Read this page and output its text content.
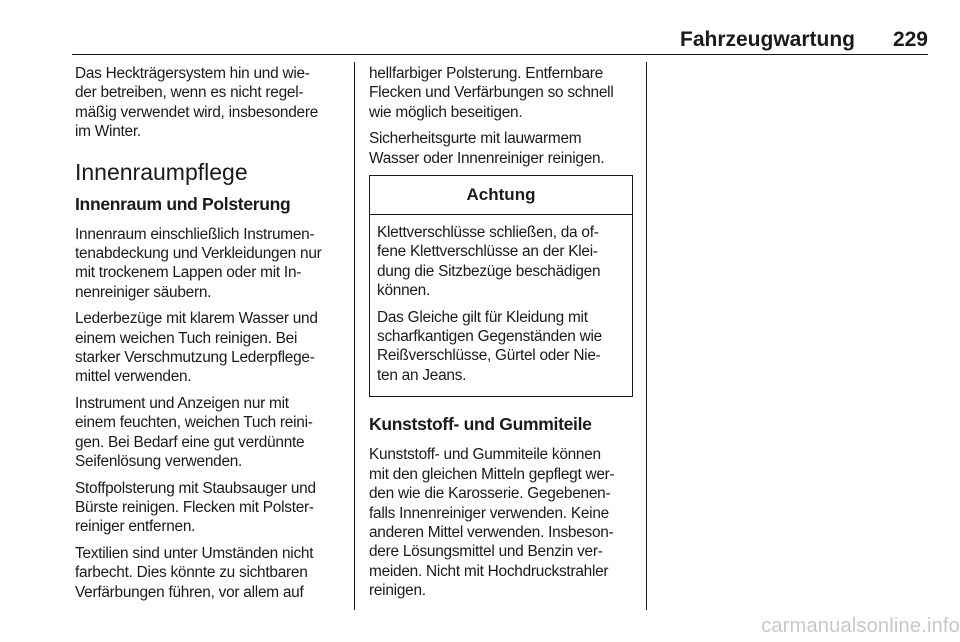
Fahrzeugwartung	229

Das Heckträgersystem hin und wie-
der betreiben, wenn es nicht regel-
mäßig verwendet wird, insbesondere
im Winter.

Innenraumpflege
Innenraum und Polsterung

Innenraum einschließlich Instrumen-
tenabdeckung und Verkleidungen nur
mit trockenem Lappen oder mit In-
nenreiniger säubern.

Lederbezüge mit klarem Wasser und
einem weichen Tuch reinigen. Bei
starker Verschmutzung Lederpflege-
mittel verwenden.

Instrument und Anzeigen nur mit
einem feuchten, weichen Tuch reini-
gen. Bei Bedarf eine gut verdünnte
Seifenlösung verwenden.

Stoffpolsterung mit Staubsauger und
Bürste reinigen. Flecken mit Polster-
reiniger entfernen.

Textilien sind unter Umständen nicht
farbecht. Dies könnte zu sichtbaren
Verfärbungen führen, vor allem auf

hellfarbiger Polsterung. Entfernbare
Flecken und Verfärbungen so schnell
wie möglich beseitigen.

Sicherheitsgurte mit lauwarmem
Wasser oder Innenreiniger reinigen.

Achtung

Klettverschlüsse schließen, da of-
fene Klettverschlüsse an der Klei-
dung die Sitzbezüge beschädigen
können.

Das Gleiche gilt für Kleidung mit
scharfkantigen Gegenständen wie
Reißverschlüsse, Gürtel oder Nie-
ten an Jeans.

Kunststoff- und Gummiteile

Kunststoff- und Gummiteile können
mit den gleichen Mitteln gepflegt wer-
den wie die Karosserie. Gegebenen-
falls Innenreiniger verwenden. Keine
anderen Mittel verwenden. Insbeson-
dere Lösungsmittel und Benzin ver-
meiden. Nicht mit Hochdruckstrahler
reinigen.

carmanualsonline.info
